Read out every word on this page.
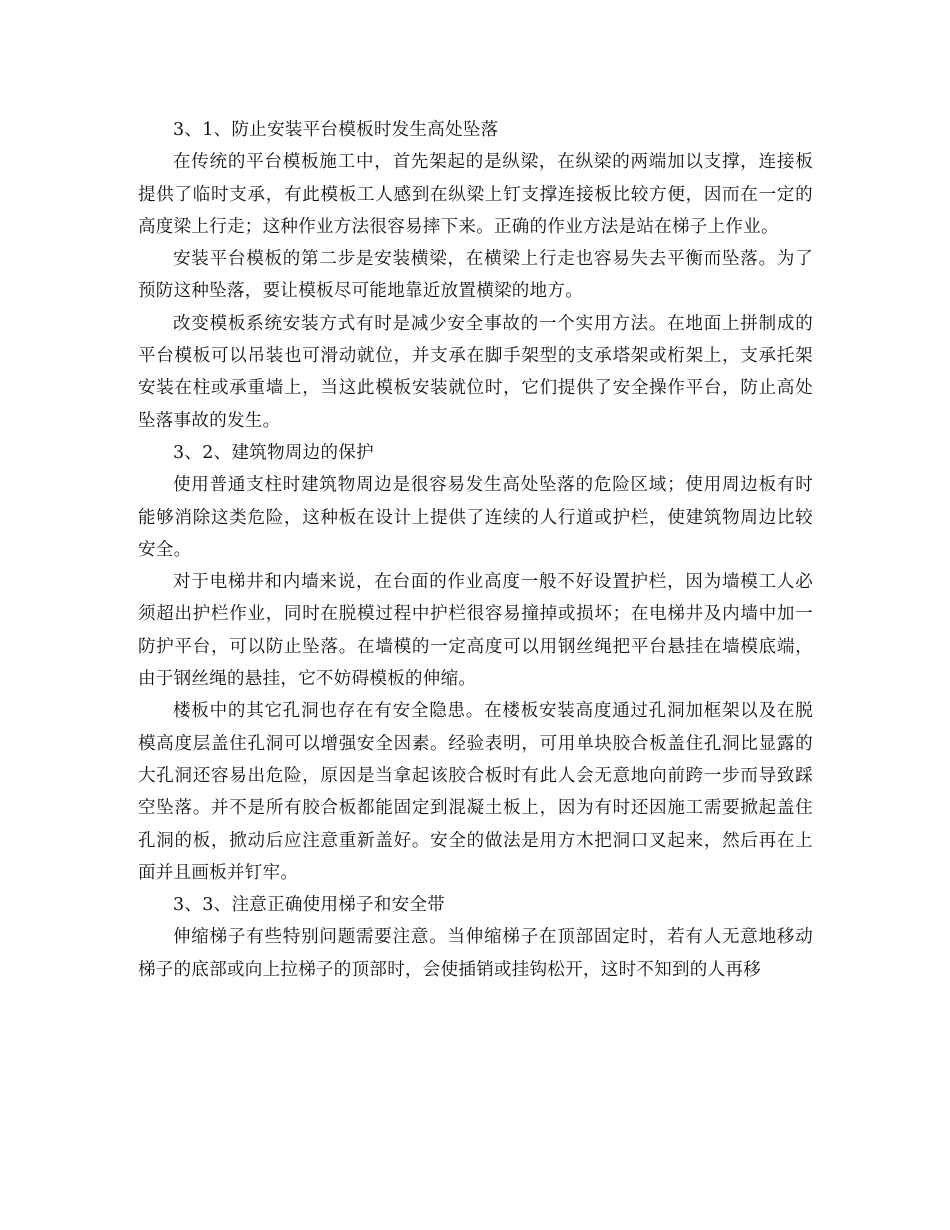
3、1、防止安装平台模板时发生高处坠落

在传统的平台模板施工中，首先架起的是纵梁，在纵梁的两端加以支撑，连接板提供了临时支承，有此模板工人感到在纵梁上钉支撑连接板比较方便，因而在一定的高度梁上行走；这种作业方法很容易摔下来。正确的作业方法是站在梯子上作业。

安装平台模板的第二步是安装横梁，在横梁上行走也容易失去平衡而坠落。为了预防这种坠落，要让模板尽可能地靠近放置横梁的地方。

改变模板系统安装方式有时是减少安全事故的一个实用方法。在地面上拼制成的平台模板可以吊装也可滑动就位，并支承在脚手架型的支承塔架或桁架上，支承托架安装在柱或承重墙上，当这此模板安装就位时，它们提供了安全操作平台，防止高处坠落事故的发生。

3、2、建筑物周边的保护

使用普通支柱时建筑物周边是很容易发生高处坠落的危险区域；使用周边板有时能够消除这类危险，这种板在设计上提供了连续的人行道或护栏，使建筑物周边比较安全。

对于电梯井和内墙来说，在台面的作业高度一般不好设置护栏，因为墙模工人必须超出护栏作业，同时在脱模过程中护栏很容易撞掉或损坏；在电梯井及内墙中加一防护平台，可以防止坠落。在墙模的一定高度可以用钢丝绳把平台悬挂在墙模底端，由于钢丝绳的悬挂，它不妨碍模板的伸缩。

楼板中的其它孔洞也存在有安全隐患。在楼板安装高度通过孔洞加框架以及在脱模高度层盖住孔洞可以增强安全因素。经验表明，可用单块胶合板盖住孔洞比显露的大孔洞还容易出危险，原因是当拿起该胶合板时有此人会无意地向前跨一步而导致踩空坠落。并不是所有胶合板都能固定到混凝土板上，因为有时还因施工需要掀起盖住孔洞的板，掀动后应注意重新盖好。安全的做法是用方木把洞口叉起来，然后再在上面并且画板并钉牢。

3、3、注意正确使用梯子和安全带

伸缩梯子有些特别问题需要注意。当伸缩梯子在顶部固定时，若有人无意地移动梯子的底部或向上拉梯子的顶部时，会使插销或挂钩松开，这时不知到的人再移
